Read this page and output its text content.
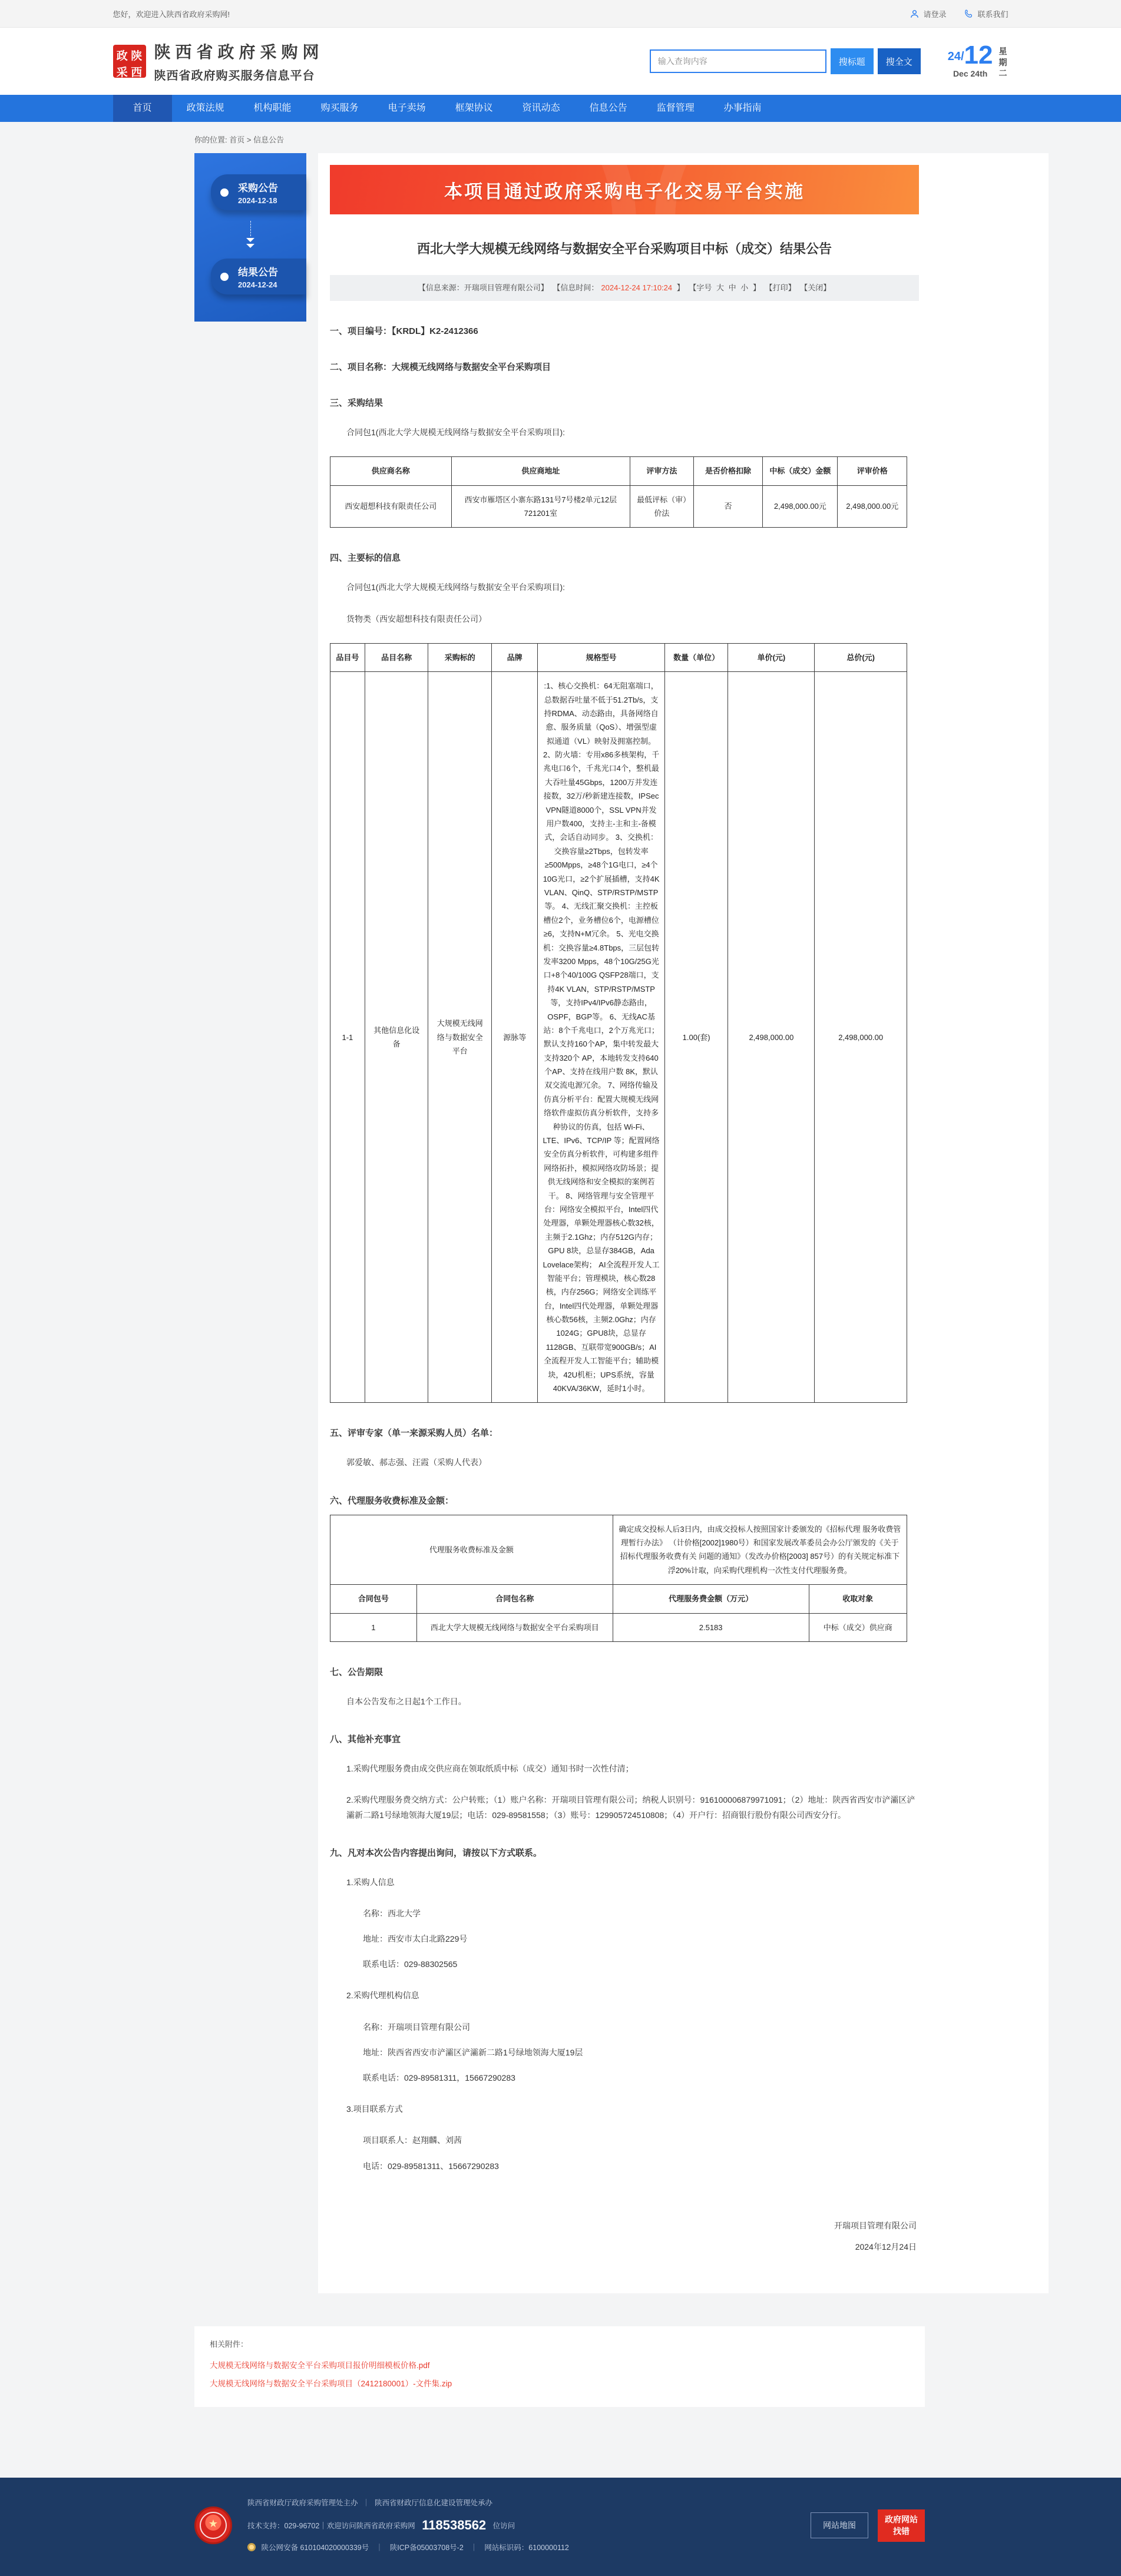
您好，欢迎进入陕西省政府采购网!	请登录	联系我们
政 陕
采 西
陕西省政府采购网
陕西省政府购买服务信息平台
输入查询内容
搜标题	搜全文	24/ 12
Dec 24th
星期二
首页	政策法规	机构职能	购买服务	电子卖场	框架协议	资讯动态	信息公告	监督管理	办事指南
你的位置: 首页 > 信息公告
采购公告
2024-12-18
结果公告
2024-12-24
本项目通过政府采购电子化交易平台实施
西北大学大规模无线网络与数据安全平台采购项目中标（成交）结果公告
【信息来源：开瑞项目管理有限公司】 【信息时间： 2024-12-24 17:10:24 】 【字号 大 中 小 】 【打印】 【关闭】
一、项目编号：【KRDL】K2-2412366
二、项目名称：大规模无线网络与数据安全平台采购项目
三、采购结果
合同包1(西北大学大规模无线网络与数据安全平台采购项目):
供应商名称	供应商地址	评审方法	是否价格扣除	中标（成交）金额	评审价格
西安超想科技有限责任公司	西安市雁塔区小寨东路131号7号楼2单元12层721201室	最低评标（审）价法	否	2,498,000.00元	2,498,000.00元
四、主要标的信息
合同包1(西北大学大规模无线网络与数据安全平台采购项目):
货物类（西安超想科技有限责任公司）
品目号	品目名称	采购标的	品牌	规格型号	数量（单位）	单价(元)	总价(元)
1-1	其他信息化设备	大规模无线网络与数据安全平台	源脉等	:1、核心交换机：64无阻塞端口，总数据吞吐量不低于51.2Tb/s，支持RDMA、动态路由，具备网络自愈、服务质量（QoS）、增强型虚拟通道（VL）映射及拥塞控制。 2、防火墙：专用x86多核架构，千兆电口6个，千兆光口4个，整机最大吞吐量45Gbps，1200万并发连接数，32万/秒新建连接数，IPSec VPN隧道8000个，SSL VPN并发用户数400，支持主-主和主-备模式，会话自动同步。 3、交换机：交换容量≥2Tbps，包转发率≥500Mpps，≥48个1G电口，≥4个10G光口，≥2个扩展插槽，支持4K VLAN、QinQ、STP/RSTP/MSTP等。 4、无线汇聚交换机：主控板槽位2个，业务槽位6个，电源槽位≥6，支持N+M冗余。 5、光电交换机：交换容量≥4.8Tbps，三层包转发率3200 Mpps，48个10G/25G光口+8个40/100G QSFP28端口，支持4K VLAN，STP/RSTP/MSTP等，支持IPv4/IPv6静态路由，OSPF，BGP等。 6、无线AC基站：8个千兆电口，2个万兆光口；默认支持160个AP，集中转发最大支持320个 AP，本地转发支持640个AP、支持在线用户数 8K，默认双交流电源冗余。 7、网络传输及仿真分析平台：配置大规模无线网络软件虚拟仿真分析软件，支持多种协议的仿真，包括 Wi-Fi、LTE、IPv6、TCP/IP 等；配置网络安全仿真分析软件，可构建多组件网络拓扑，模拟网络攻防场景；提供无线网络和安全模拟的案例若干。 8、网络管理与安全管理平台：网络安全模拟平台，Intel四代处理器，单颗处理器核心数32核，主频于2.1Ghz；内存512G内存；GPU 8块，总显存384GB，Ada Lovelace架构； AI全流程开发人工智能平台；管理模块，核心数28核，内存256G；网络安全训练平台，Intel四代处理器，单颗处理器核心数56核，主频2.0Ghz；内存1024G；GPU8块，总显存1128GB、互联带宽900GB/s；AI全流程开发人工智能平台；辅助模块，42U机柜；UPS系统，容量40KVA/36KW，延时1小时。	1.00(套)	2,498,000.00	2,498,000.00
五、评审专家（单一来源采购人员）名单：
郭爱敏、郝志强、汪霞（采购人代表）
六、代理服务收费标准及金额：
代理服务收费标准及金额		确定成交投标人后3日内，由成交投标人按照国家计委颁发的《招标代理 服务收费管理暂行办法》 （计价格[2002]1980号）和国家发展改革委员会办公厅颁发的《关于招标代理服务收费有关 问题的通知》（发改办价格[2003] 857号）的有关规定标准下浮20%计取，向采购代理机构一次性支付代理服务费。	
合同包号	合同包名称	代理服务费金额（万元）	收取对象
1	西北大学大规模无线网络与数据安全平台采购项目	2.5183	中标（成交）供应商
七、公告期限
自本公告发布之日起1个工作日。
八、其他补充事宜
1.采购代理服务费由成交供应商在领取纸质中标（成交）通知书时一次性付清；
2.采购代理服务费交纳方式：公户转账；（1）账户名称：开瑞项目管理有限公司；纳税人识别号：916100006879971091；（2）地址：陕西省西安市浐灞区浐灞新二路1号绿地领海大厦19层；电话：029-89581558；（3）账号：129905724510808；（4）开户行：招商银行股份有限公司西安分行。
九、凡对本次公告内容提出询问，请按以下方式联系。
1.采购人信息
名称：西北大学
地址：西安市太白北路229号
联系电话：029-88302565
2.采购代理机构信息
名称：开瑞项目管理有限公司
地址：陕西省西安市浐灞区浐灞新二路1号绿地领海大厦19层
联系电话：029-89581311，15667290283
3.项目联系方式
项目联系人：赵翔麟、刘茜
电话：029-89581311、15667290283
开瑞项目管理有限公司
2024年12月24日
相关附件：
大规模无线网络与数据安全平台采购项目报价明细模板价格.pdf
大规模无线网络与数据安全平台采购项目（2412180001）-文件集.zip
★
陕西省财政厅政府采购管理处主办 ｜ 陕西省财政厅信息化建设管理处承办
技术支持：029-96702｜欢迎访问陕西省政府采购网 118538562 位访问
陕公网安备 610104020000339号 ｜ 陕ICP备05003708号-2 ｜ 网站标识码：6100000112
网站地图
政府网站
找错
